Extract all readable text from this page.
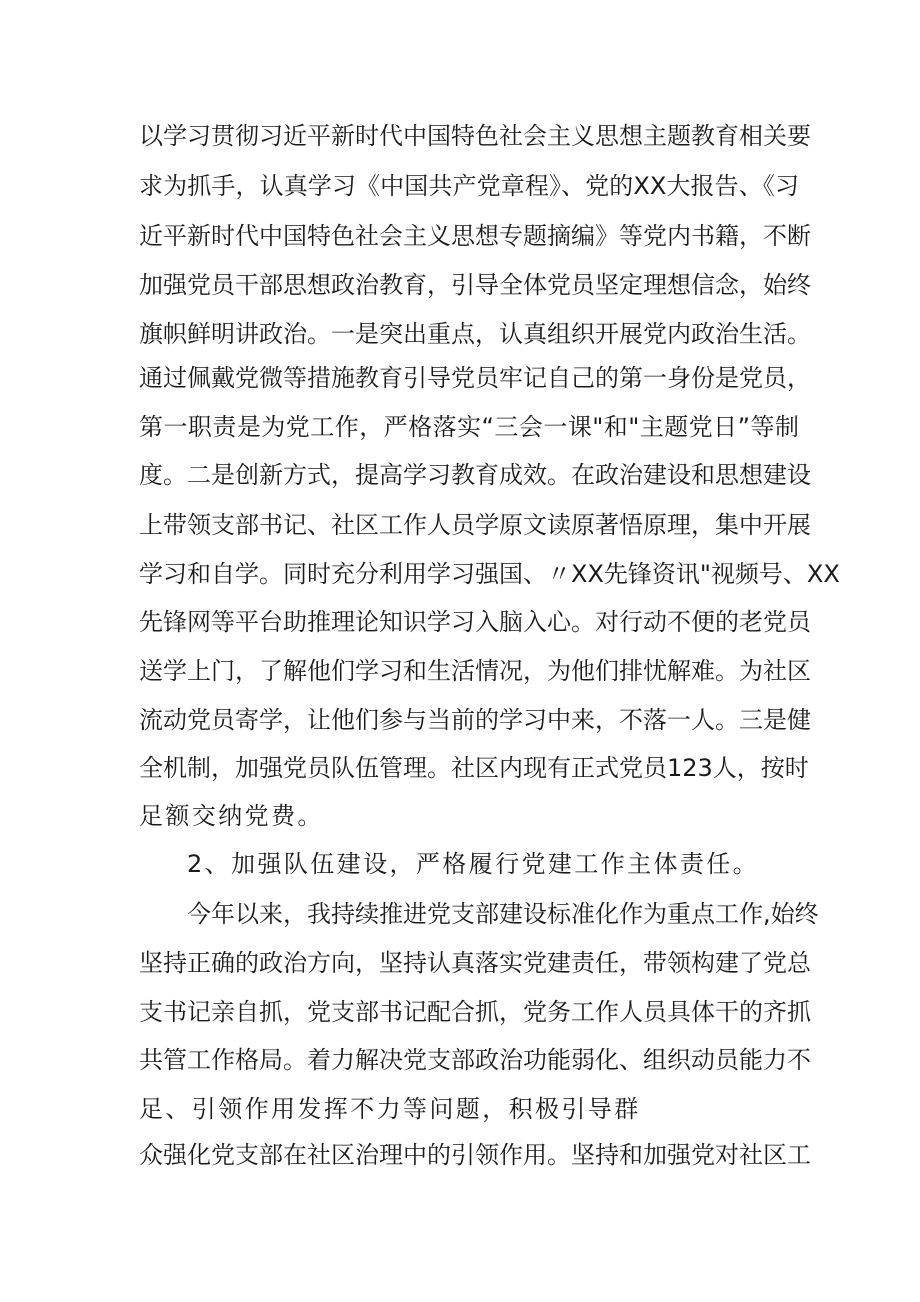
以学习贯彻习近平新时代中国特色社会主义思想主题教育相关要
求为抓手，认真学习《中国共产党章程》、党的XX大报告、《习
近平新时代中国特色社会主义思想专题摘编》等党内书籍，不断
加强党员干部思想政治教育，引导全体党员坚定理想信念，始终
旗帜鲜明讲政治。一是突出重点，认真组织开展党内政治生活。
通过佩戴党微等措施教育引导党员牢记自己的第一身份是党员，
第一职责是为党工作，严格落实“三会一课"和"主题党日”等制
度。二是创新方式，提高学习教育成效。在政治建设和思想建设
上带领支部书记、社区工作人员学原文读原著悟原理，集中开展
学习和自学。同时充分利用学习强国、〃XX先锋资讯"视频号、XX
先锋网等平台助推理论知识学习入脑入心。对行动不便的老党员
送学上门，了解他们学习和生活情况，为他们排忧解难。为社区
流动党员寄学，让他们参与当前的学习中来，不落一人。三是健
全机制，加强党员队伍管理。社区内现有正式党员123人，按时
足额交纳党费。
2、加强队伍建设，严格履行党建工作主体责任。
今年以来，我持续推进党支部建设标准化作为重点工作,始终
坚持正确的政治方向，坚持认真落实党建责任，带领构建了党总
支书记亲自抓，党支部书记配合抓，党务工作人员具体干的齐抓
共管工作格局。着力解决党支部政治功能弱化、组织动员能力不
足、引领作用发挥不力等问题，积极引导群
众强化党支部在社区治理中的引领作用。坚持和加强党对社区工
